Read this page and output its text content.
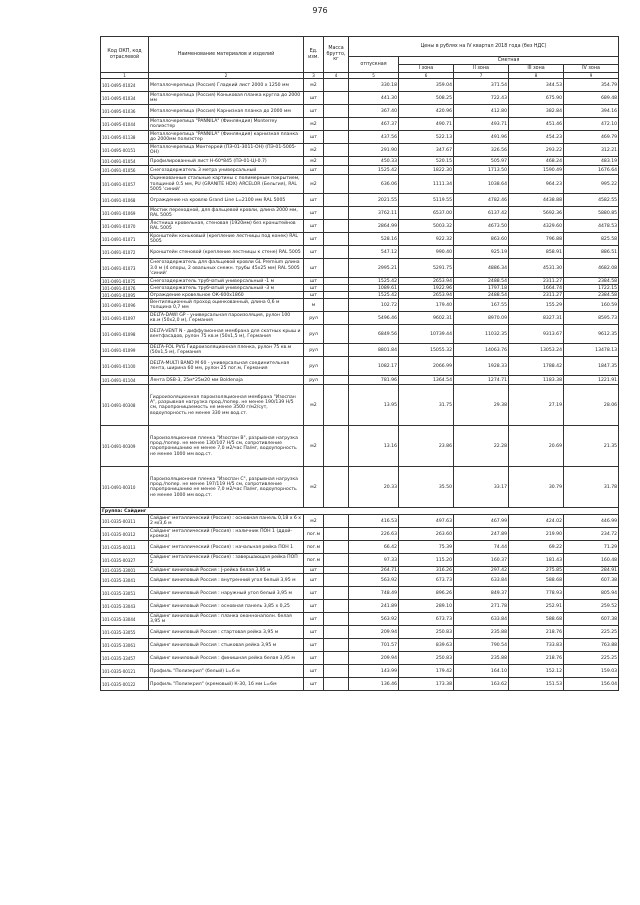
976
Код ОКП, код отраслевой	Наименование материалов и изделий	Ед. изм.	Масса брутто, кг	Цены в рублях на IV квартал 2018 года (без НДС)				
				отпускная	Сметная			
					I зона	II зона	III зона	IV зона
1	2	3	4	5	6	7	8	9
101-0495-01024	Металлочерепица (Россия) Гладкий лист 2000 х 1250 мм	м2		330.18	359.04	371.54	344.53	354.79
101-0495-01034	Металлочерепица (Россия) Коньковая планка кругла до 2000 мм	шт		441.30	508.25	722.43	675.90	689.48
101-0495-01036	Металлочерепица (Россия) Карнизная планка до 2000 мм	шт		367.40	420.96	412.80	382.84	394.16
101-0495-01044	Металлочерепица "PANNILA" (Финляндия) Monterrey полиэстер	м2		467.37	490.71	493.71	451.46	472.10
101-0495-01138	Металлочерепица "PANNILA" (Финляндия) карнизная планка до 2000мм полиэстер	шт		437.56	522.13	491.96	454.23	469.79
101-0495-00151	Металлочерепица Монтеррей (ПЭ-01-3011-ОН) (ПЭ-01-5005-ОН)	м2		291.90	347.67	326.56	293.22	312.21
101-0491-01054	Профилированный лист Н-60*845 (ПЭ-01-ЦI-0.7)	м2		450.33	520.15	505.97	468.24	483.19
101-0491-01056	Снегозадержатель 3 метра универсальный	шт		1525.42	1822.30	1713.50	1590.49	1676.64
101-0491-01057	Оцинкованные стальные картины с полимерным покрытием, толщиной 0.5 мм, PU (GRANITE HDX) ARCELOR (Бельгия), RAL 5005 'синий'	м2		636.06	1111.34	1038.64	964.23	995.22
101-0491-01068	Ограждение на кровлю Grand Line L=2100 мм RAL 5005	шт		2021.55	5119.55	4782.46	4438.88	4582.55
101-0491-01069	Мостик переходной, для фальцевой кровли, длина 2000 мм, RAL 5005	шт		3762.11	6537.00	6137.42	5692.36	5880.85
101-0491-01070	Лестница кровельная, стеновая (1920мм) без кронштейнов RAL 5005	шт		2864.99	5003.32	4673.50	4329.60	4478.53
101-0491-01071	Кронштейн коньковый (крепление лестницы под конек) RAL 5005	шт		528.16	922.32	863.60	796.88	825.58
101-0491-01072	Кронштейн стеновой (крепление лестницы к стене) RAL 5005	шт		547.12	990.40	925.19	858.91	886.51
101-0491-01073	Снегозадержатель для фальцевой кровли GL Premium длина 3.0 м (4 опоры, 2 овальных снежн. трубы 45x25 мм) RAL 5005 'синий'	шт		2995.21	5291.75	4886.34	4531.30	4682.08
101-0491-01075	Снегозадержатель трубчатый универсальный -1 м	шт		1525.42	2653.94	2488.54	2311.27	2384.58
101-0491-01076	Снегозадержатель трубчатый универсальный -3 м	шт		1089.61	1922.96	1797.18	1664.74	1722.15
101-0491-01095	Ограждение кровельное ОК-600х1860	шт		1525.42	2653.94	2488.54	2311.27	2384.58
101-0491-01096	Вентиляционный проход оцинкованный, длина 0,6 м толщина 0,7 мм	м		102.72	179.40	167.55	155.29	160.59
101-0491-01097	DELTA-DAWI GP - универсальная пароизоляция, рулон 100 кв.м (50х2,0 м), Германия	рул		5496.46	9602.31	8970.09	8327.31	8595.73
101-0491-01098	DELTA-VENT N - диффузионная мембрана для скатных крыш и вентфасадов, рулон 75 кв.м (50х1,5 м), Германия	рул		6849.56	10739.44	11032.35	9313.67	9612.35
101-0491-01099	DELTA-FOL PVG Гидроизоляционная пленка, рулон 75 кв.м (50х1,5 м), Германия	рул		8801.84	15055.32	14063.76	13053.24	13478.13
101-0491-01100	DELTA-MULTI BAND M 60 - универсальная соединительная лента, ширина 60 мм, рулон 25 пог.м, Германия	рул		1082.17	2066.99	1928.33	1788.42	1847.35
101-0491-01104	Лента DSB-3, 25м*25м20 мм Boldenaja	рул		781.96	1364.54	1274.71	1183.38	1221.91
101-0491-00308	Гидроизоляционная пароизоляционная мембрана "Изоспан А", разрывная нагрузка прод./попер. не менее 190/139 Н/5 см, паропроницаемость не менее 3500 г/м2/сут, водоупорность не менее 330 мм вод.ст.	м2		13.95	31.75	29.38	27.19	28.06
101-0491-00309	Пароизоляционная пленка "Изоспан В", разрывная нагрузка прод./попер. не менее 130/107 Н/5 см, сопротивление паропроницанию не менее 7,0 м2/час Па/мг, водоупорность не менее 1000 мм вод.ст.	м2		13.16	23.86	22.28	20.69	21.35
101-0491-00310	Пароизоляционная пленка "Изоспан С", разрывная нагрузка прод./попер. не менее 197/119 Н/5 см, сопротивление паропроницанию не менее 7,0 м2/час Па/мг, водоупорность не менее 1000 мм вод.ст.	м2		20.33	35.50	33.17	30.79	31.78
Группа: Сайдинг								
101-0335-00311	Сайдинг металлический (Россия) : основная панель 0,18 х 6 х 2 м/3,6 м	м2		416.53	497.63	467.99	424.02	446.99
101-0335-00312	Сайдинг металлический (Россия) : наличник ПОН 1 (ддой-кромка)	пог.м		226.63	263.60	247.89	219.90	234.72
101-0335-00313	Сайдинг металлический (Россия) : начальная рейка ПОН 1	пог.м		66.42	75.39	74.44	69.22	71.29
101-0335-00327	Сайдинг металлический (Россия) : завершающая рейка ПОП 2	пог.м		97.33	115.20	160.37	181.43	160.48
101-0335-33001	Сайдинг виниловый Россия : J-рейка белая 3,95 м	шт		264.71	316.26	297.42	275.85	284.91
101-0335-33041	Сайдинг виниловый Россия : внутренний угол белый 3,95 м	шт		563.92	673.73	633.84	588.68	607.38
101-0335-33051	Сайдинг виниловый Россия : наружный угол белый 3,95 м	шт		748.49	896.26	849.37	778.93	805.94
101-0335-33043	Сайдинг виниловый Россия : основная панель 3,85 х 0,25	шт		241.89	289.10	271.78	252.91	259.52
101-0335-33044	Сайдинг виниловый Россия : планка оконнонаполн. белая 3,95 м	шт		563.92	673.73	633.84	588.68	607.38
101-0335-33055	Сайдинг виниловый Россия : стартовая рейка 3,95 м	шт		209.94	250.83	235.88	218.76	225.25
101-0335-33061	Сайдинг виниловый Россия : стыковая рейка 3,95 м	шт		701.57	839.63	790.54	733.83	763.88
101-0335-33457	Сайдинг виниловый Россия : финишная рейка белая 3,95 м	шт		209.94	250.83	235.88	218.76	225.25
101-0335-00121	Профиль "Полиэкрил" (белый) L=6 м	шт		143.99	179.42	164.10	152.12	159.03
101-0335-00122	Профиль "Полиэкрил" (кремовый) К-30, 16 мм L=6м	шт		136.46	173.38	163.62	151.53	156.04
